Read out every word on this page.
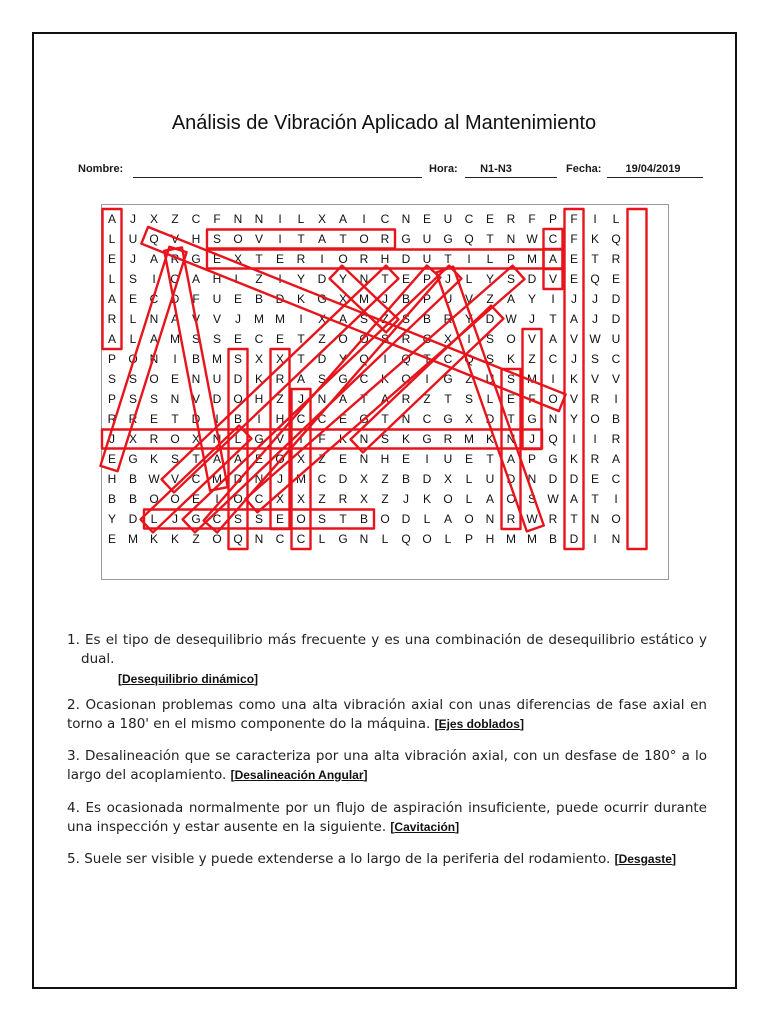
Análisis de Vibración Aplicado al Mantenimiento
Nombre:	Hora:	N1-N3	Fecha:	19/04/2019
A	J	X	Z	C	F	N	N	I	L	X	A	I	C	N	E	U	C	E	R	F	P	F	I	L
L	U	Q	V	H	S	O	V	I	T	A	T	O R	G U	G Q	T	N W C	F	K	Q
E	J	A	R	G	E	X	T	E	R	I	O R	H	D	U	T	I	L	P	M A	E	T	R
L	S	I	O	A	H	L	Z	I	Y	D	Y	N	T	E	P	J	L	Y	S	D	V	E	Q	E
A	E	C	D	F	U	E	B	D	K	G	X	M	J	B	P	U	V	Z	A	Y	I	J	J	D
R	L	N	A	V	V	J	M M	I	X	A	S	Z	S	B	R	Y	D W	J	T	A	J	D
A	L	A	M S	S	E	C	E	T	Z	O O	S	R	C	X	I	S	O	V	A	V W U
P	O N	I	B	M S	X	X	T	D	Y	Q	I	Q	T	C	Q	S	K	Z	C	J	S	C
S	S	O	E	N	U	D	K	R	A	S	G C	K	O	I	G	Z	U	S	M	I	K	V	V
P	S	S	N	V	D	O H	Z	J	N	A	T	A	R	Z	T	S	L	E	F	O	V	R	I
R	R	E	T	D	I	B	I	H	C	C	E	G	T	N	C	G	X	D	T	G N	Y	O	B
J	X	R	O	X	N	L	G	V	I	F	K	N	S	K	G R M K	N	J	Q	I	I	R
E	G	K	S	T	A	A	E	O	X	Z	E	N	H	E	I	U	E	T	A	P	G	K	R	A
H	B W V	C M D	N	J	M C	D	X	Z	B	D	X	L	U	D	N	D	D	E	C
B	B	O O	E	I	O C	X	X	Z	R	X	Z	J	K	O	L	A	O	S W A	T	I
Y	D	L	J	G C	S	S	E	O	S	T	B	O D	L	A	O N	R W R	T	N	O
E	M K	K	Z	O Q N	C	C	L	G N	L	Q O	L	P	H M M B	D	I	N
1. Es el tipo de desequilibrio más frecuente y es una combinación de desequilibrio estático y dual.
[Desequilibrio dinámico]
2. Ocasionan problemas como una alta vibración axial con unas diferencias de fase axial en torno a 180' en el mismo componente do la máquina. [Ejes doblados]
3. Desalineación que se caracteriza por una alta vibración axial, con un desfase de 180° a lo largo del acoplamiento. [Desalineación Angular]
4. Es ocasionada normalmente por un flujo de aspiración insuficiente, puede ocurrir durante una inspección y estar ausente en la siguiente. [Cavitación]
5. Suele ser visible y puede extenderse a lo largo de la periferia del rodamiento. [Desgaste]
